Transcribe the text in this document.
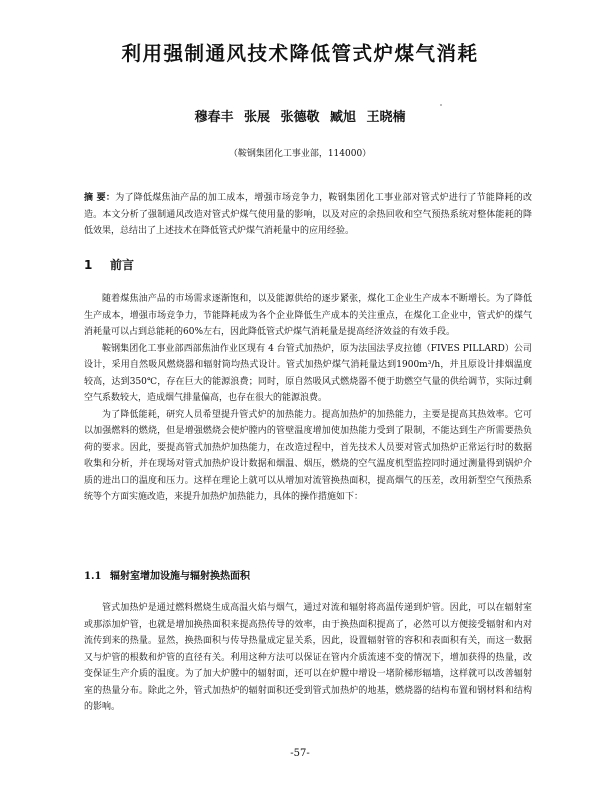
利用强制通风技术降低管式炉煤气消耗
穆春丰 张展 张德敬 臧旭 王晓楠
（鞍钢集团化工事业部，114000）
摘 要：为了降低煤焦油产品的加工成本，增强市场竞争力，鞍钢集团化工事业部对管式炉进行了节能降耗的改造。本文分析了强制通风改造对管式炉煤气使用量的影响，以及对应的余热回收和空气预热系统对整体能耗的降低效果，总结出了上述技术在降低管式炉煤气消耗量中的应用经验。
1 前言

随着煤焦油产品的市场需求逐渐饱和，以及能源供给的逐步紧张，煤化工企业生产成本不断增长。为了降低生产成本，增强市场竞争力，节能降耗成为各个企业降低生产成本的关注重点，在煤化工企业中，管式炉的煤气消耗量可以占到总能耗的60%左右，因此降低管式炉煤气消耗量是提高经济效益的有效手段。

鞍钢集团化工事业部西部焦油作业区现有 4 台管式加热炉，原为法国法孚皮拉德（FIVES PILLARD）公司设计，采用自然吸风燃烧器和辐射筒均热式设计。管式加热炉煤气消耗量达到1900m³/h，并且原设计排烟温度较高，达到350℃，存在巨大的能源浪费；同时，原自然吸风式燃烧器不便于助燃空气量的供给调节，实际过剩空气系数较大，造成烟气排量偏高，也存在很大的能源浪费。

为了降低能耗，研究人员希望提升管式炉的加热能力。提高加热炉的加热能力，主要是提高其热效率。它可以加强燃料的燃烧，但是增强燃烧会使炉膛内的管壁温度增加使加热能力受到了限制，不能达到生产所需要热负荷的要求。因此，要提高管式加热炉加热能力，在改造过程中，首先技术人员要对管式加热炉正常运行时的数据收集和分析，并在现场对管式加热炉设计数据和烟温、烟压，燃烧的空气温度机型监控同时通过测量得到锅炉介质的进出口的温度和压力。这样在理论上就可以从增加对流管换热面积，提高烟气的压差，改用新型空气预热系统等个方面实施改造，来提升加热炉加热能力，具体的操作措施如下：

1.1 辐射室增加设施与辐射换热面积

管式加热炉是通过燃料燃烧生成高温火焰与烟气，通过对流和辐射将高温传递到炉管。因此，可以在辐射室或那添加炉管，也就是增加换热面积来提高热传导的效率，由于换热面积提高了，必然可以方便接受辐射和内对流传到来的热量。显然，换热面积与传导热量成定显关系，因此，设置辐射管的容积和表面积有关，而这一数据又与炉管的根数和炉管的直径有关。利用这种方法可以保证在管内介质流速不变的情况下，增加获得的热量，改变保证生产介质的温度。为了加大炉膛中的辐射面，还可以在炉膛中增设一堵阶梯形辐墙，这样就可以改善辐射室的热量分布。除此之外，管式加热炉的辐射面积还受到管式加热炉的地基，燃烧器的结构布置和钢材料和结构的影响。

-57-
